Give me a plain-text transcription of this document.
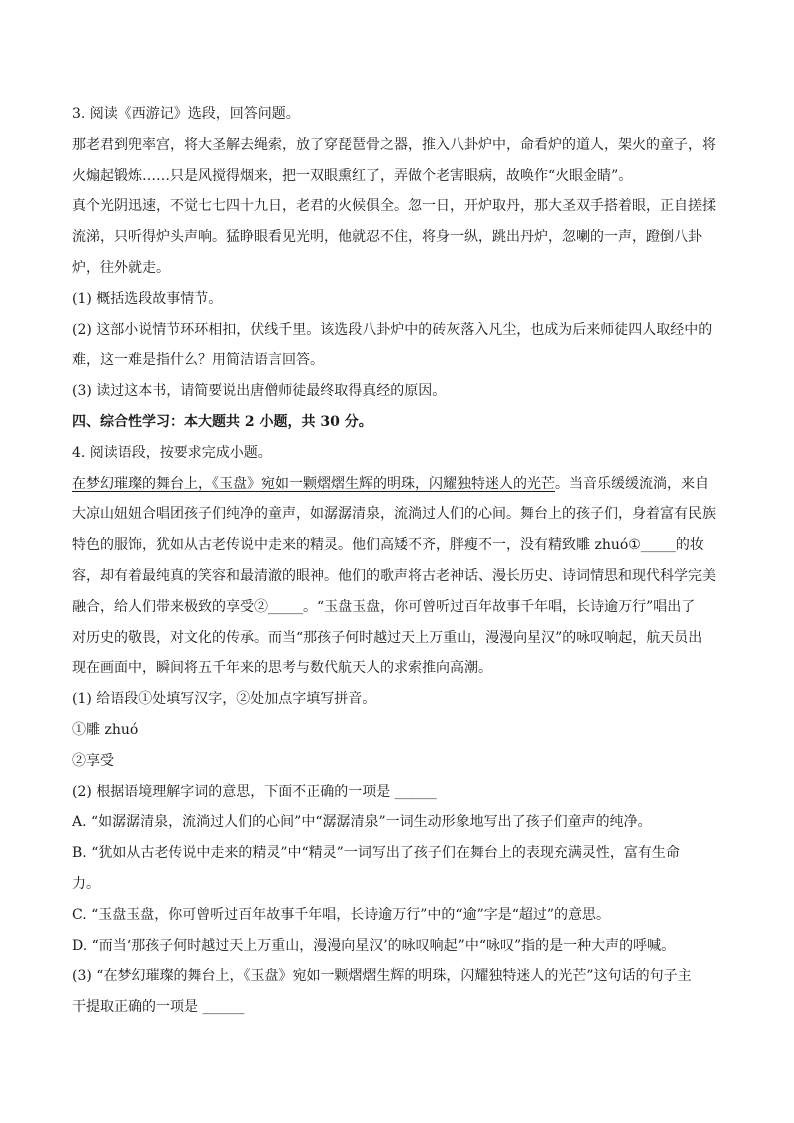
3. 阅读《西游记》选段，回答问题。
那老君到兜率宫，将大圣解去绳索，放了穿琵琶骨之器，推入八卦炉中，命看炉的道人，架火的童子，将
火煽起锻炼……只是风搅得烟来，把一双眼熏红了，弄做个老害眼病，故唤作“火眼金睛”。
真个光阴迅速，不觉七七四十九日，老君的火候俱全。忽一日，开炉取丹，那大圣双手搭着眼，正自搓揉
流涕，只听得炉头声响。猛睁眼看见光明，他就忍不住，将身一纵，跳出丹炉，忽喇的一声，蹬倒八卦
炉，往外就走。
(1) 概括选段故事情节。
(2) 这部小说情节环环相扣，伏线千里。该选段八卦炉中的砖灰落入凡尘，也成为后来师徒四人取经中的
难，这一难是指什么？用简洁语言回答。
(3) 读过这本书，请简要说出唐僧师徒最终取得真经的原因。
四、综合性学习：本大题共 2 小题，共 30 分。
4. 阅读语段，按要求完成小题。
在梦幻璀璨的舞台上，《玉盘》宛如一颗熠熠生辉的明珠，闪耀独特迷人的光芒。当音乐缓缓流淌，来自
大凉山妞妞合唱团孩子们纯净的童声，如潺潺清泉，流淌过人们的心间。舞台上的孩子们，身着富有民族
特色的服饰，犹如从古老传说中走来的精灵。他们高矮不齐，胖瘦不一，没有精致雕 zhuó①_____的妆
容，却有着最纯真的笑容和最清澈的眼神。他们的歌声将古老神话、漫长历史、诗词情思和现代科学完美
融合，给人们带来极致的享受②_____。“玉盘玉盘，你可曾听过百年故事千年唱，长诗逾万行”唱出了
对历史的敬畏，对文化的传承。而当“那孩子何时越过天上万重山，漫漫向星汉”的咏叹响起，航天员出
现在画面中，瞬间将五千年来的思考与数代航天人的求索推向高潮。
(1) 给语段①处填写汉字，②处加点字填写拼音。
①雕 zhuó
②享受
(2) 根据语境理解字词的意思，下面不正确的一项是 ______
A. “如潺潺清泉，流淌过人们的心间”中“潺潺清泉”一词生动形象地写出了孩子们童声的纯净。
B. “犹如从古老传说中走来的精灵”中“精灵”一词写出了孩子们在舞台上的表现充满灵性，富有生命
力。
C. “玉盘玉盘，你可曾听过百年故事千年唱，长诗逾万行”中的“逾”字是“超过”的意思。
D. “而当‘那孩子何时越过天上万重山，漫漫向星汉’的咏叹响起”中“咏叹”指的是一种大声的呼喊。
(3) “在梦幻璀璨的舞台上，《玉盘》宛如一颗熠熠生辉的明珠，闪耀独特迷人的光芒”这句话的句子主
干提取正确的一项是 ______
